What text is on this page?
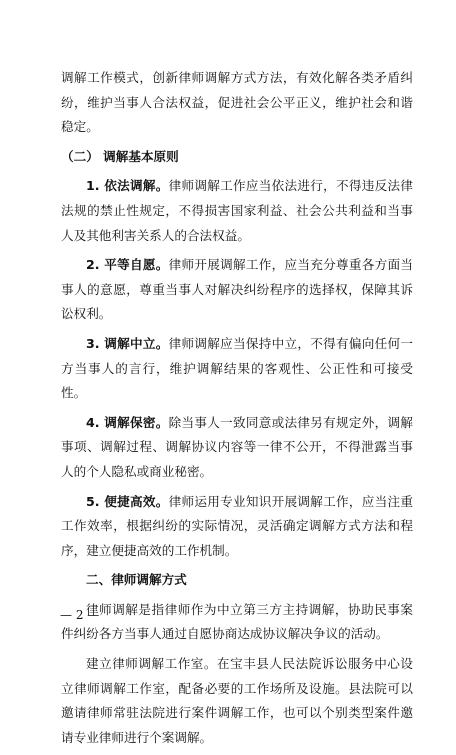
调解工作模式，创新律师调解方式方法，有效化解各类矛盾纠纷，维护当事人合法权益，促进社会公平正义，维护社会和谐稳定。

（二） 调解基本原则

1. 依法调解。律师调解工作应当依法进行，不得违反法律法规的禁止性规定，不得损害国家利益、社会公共利益和当事人及其他利害关系人的合法权益。

2. 平等自愿。律师开展调解工作，应当充分尊重各方面当事人的意愿，尊重当事人对解决纠纷程序的选择权，保障其诉讼权利。

3. 调解中立。律师调解应当保持中立，不得有偏向任何一方当事人的言行，维护调解结果的客观性、公正性和可接受性。

4. 调解保密。除当事人一致同意或法律另有规定外，调解事项、调解过程、调解协议内容等一律不公开，不得泄露当事人的个人隐私或商业秘密。

5. 便捷高效。律师运用专业知识开展调解工作，应当注重工作效率，根据纠纷的实际情况，灵活确定调解方式方法和程序，建立便捷高效的工作机制。

二、律师调解方式

律师调解是指律师作为中立第三方主持调解，协助民事案件纠纷各方当事人通过自愿协商达成协议解决争议的活动。

建立律师调解工作室。在宝丰县人民法院诉讼服务中心设立律师调解工作室，配备必要的工作场所及设施。县法院可以邀请律师常驻法院进行案件调解工作，也可以个别类型案件邀请专业律师进行个案调解。

— 2 —
